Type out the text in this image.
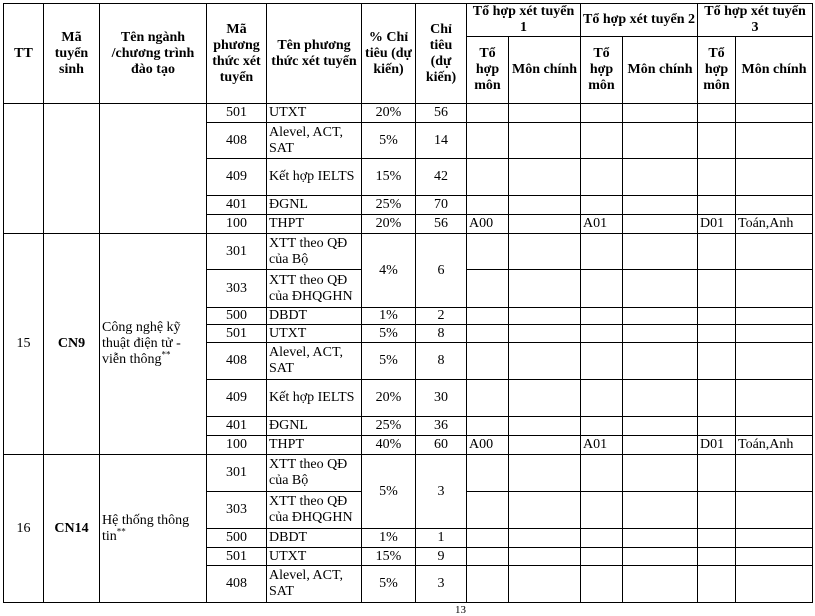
TT	Mã tuyển sinh	Tên ngành /chương trình đào tạo	Mã phương thức xét tuyển	Tên phương thức xét tuyển	% Chỉ tiêu (dự kiến)	Chỉ tiêu (dự kiến)	Tổ hợp xét tuyển 1		Tổ hợp xét tuyển 2		Tổ hợp xét tuyển 3	
							Tổ hợp môn	Môn chính	Tổ hợp môn	Môn chính	Tổ hợp môn	Môn chính
			501	UTXT	20%	56						
			408	Alevel, ACT, SAT	5%	14						
			409	Kết hợp IELTS	15%	42						
			401	ĐGNL	25%	70						
			100	THPT	20%	56	A00		A01		D01	Toán,Anh
15	CN9	Công nghệ kỹ thuật điện tử - viễn thông**	301	XTT theo QĐ của Bộ	4%	6						
			303	XTT theo QĐ của ĐHQGHN								
			500	DBDT	1%	2						
			501	UTXT	5%	8						
			408	Alevel, ACT, SAT	5%	8						
			409	Kết hợp IELTS	20%	30						
			401	ĐGNL	25%	36						
			100	THPT	40%	60	A00		A01		D01	Toán,Anh
16	CN14	Hệ thống thông tin**	301	XTT theo QĐ của Bộ	5%	3						
			303	XTT theo QĐ của ĐHQGHN								
			500	DBDT	1%	1						
			501	UTXT	15%	9						
			408	Alevel, ACT, SAT	5%	3						
13
